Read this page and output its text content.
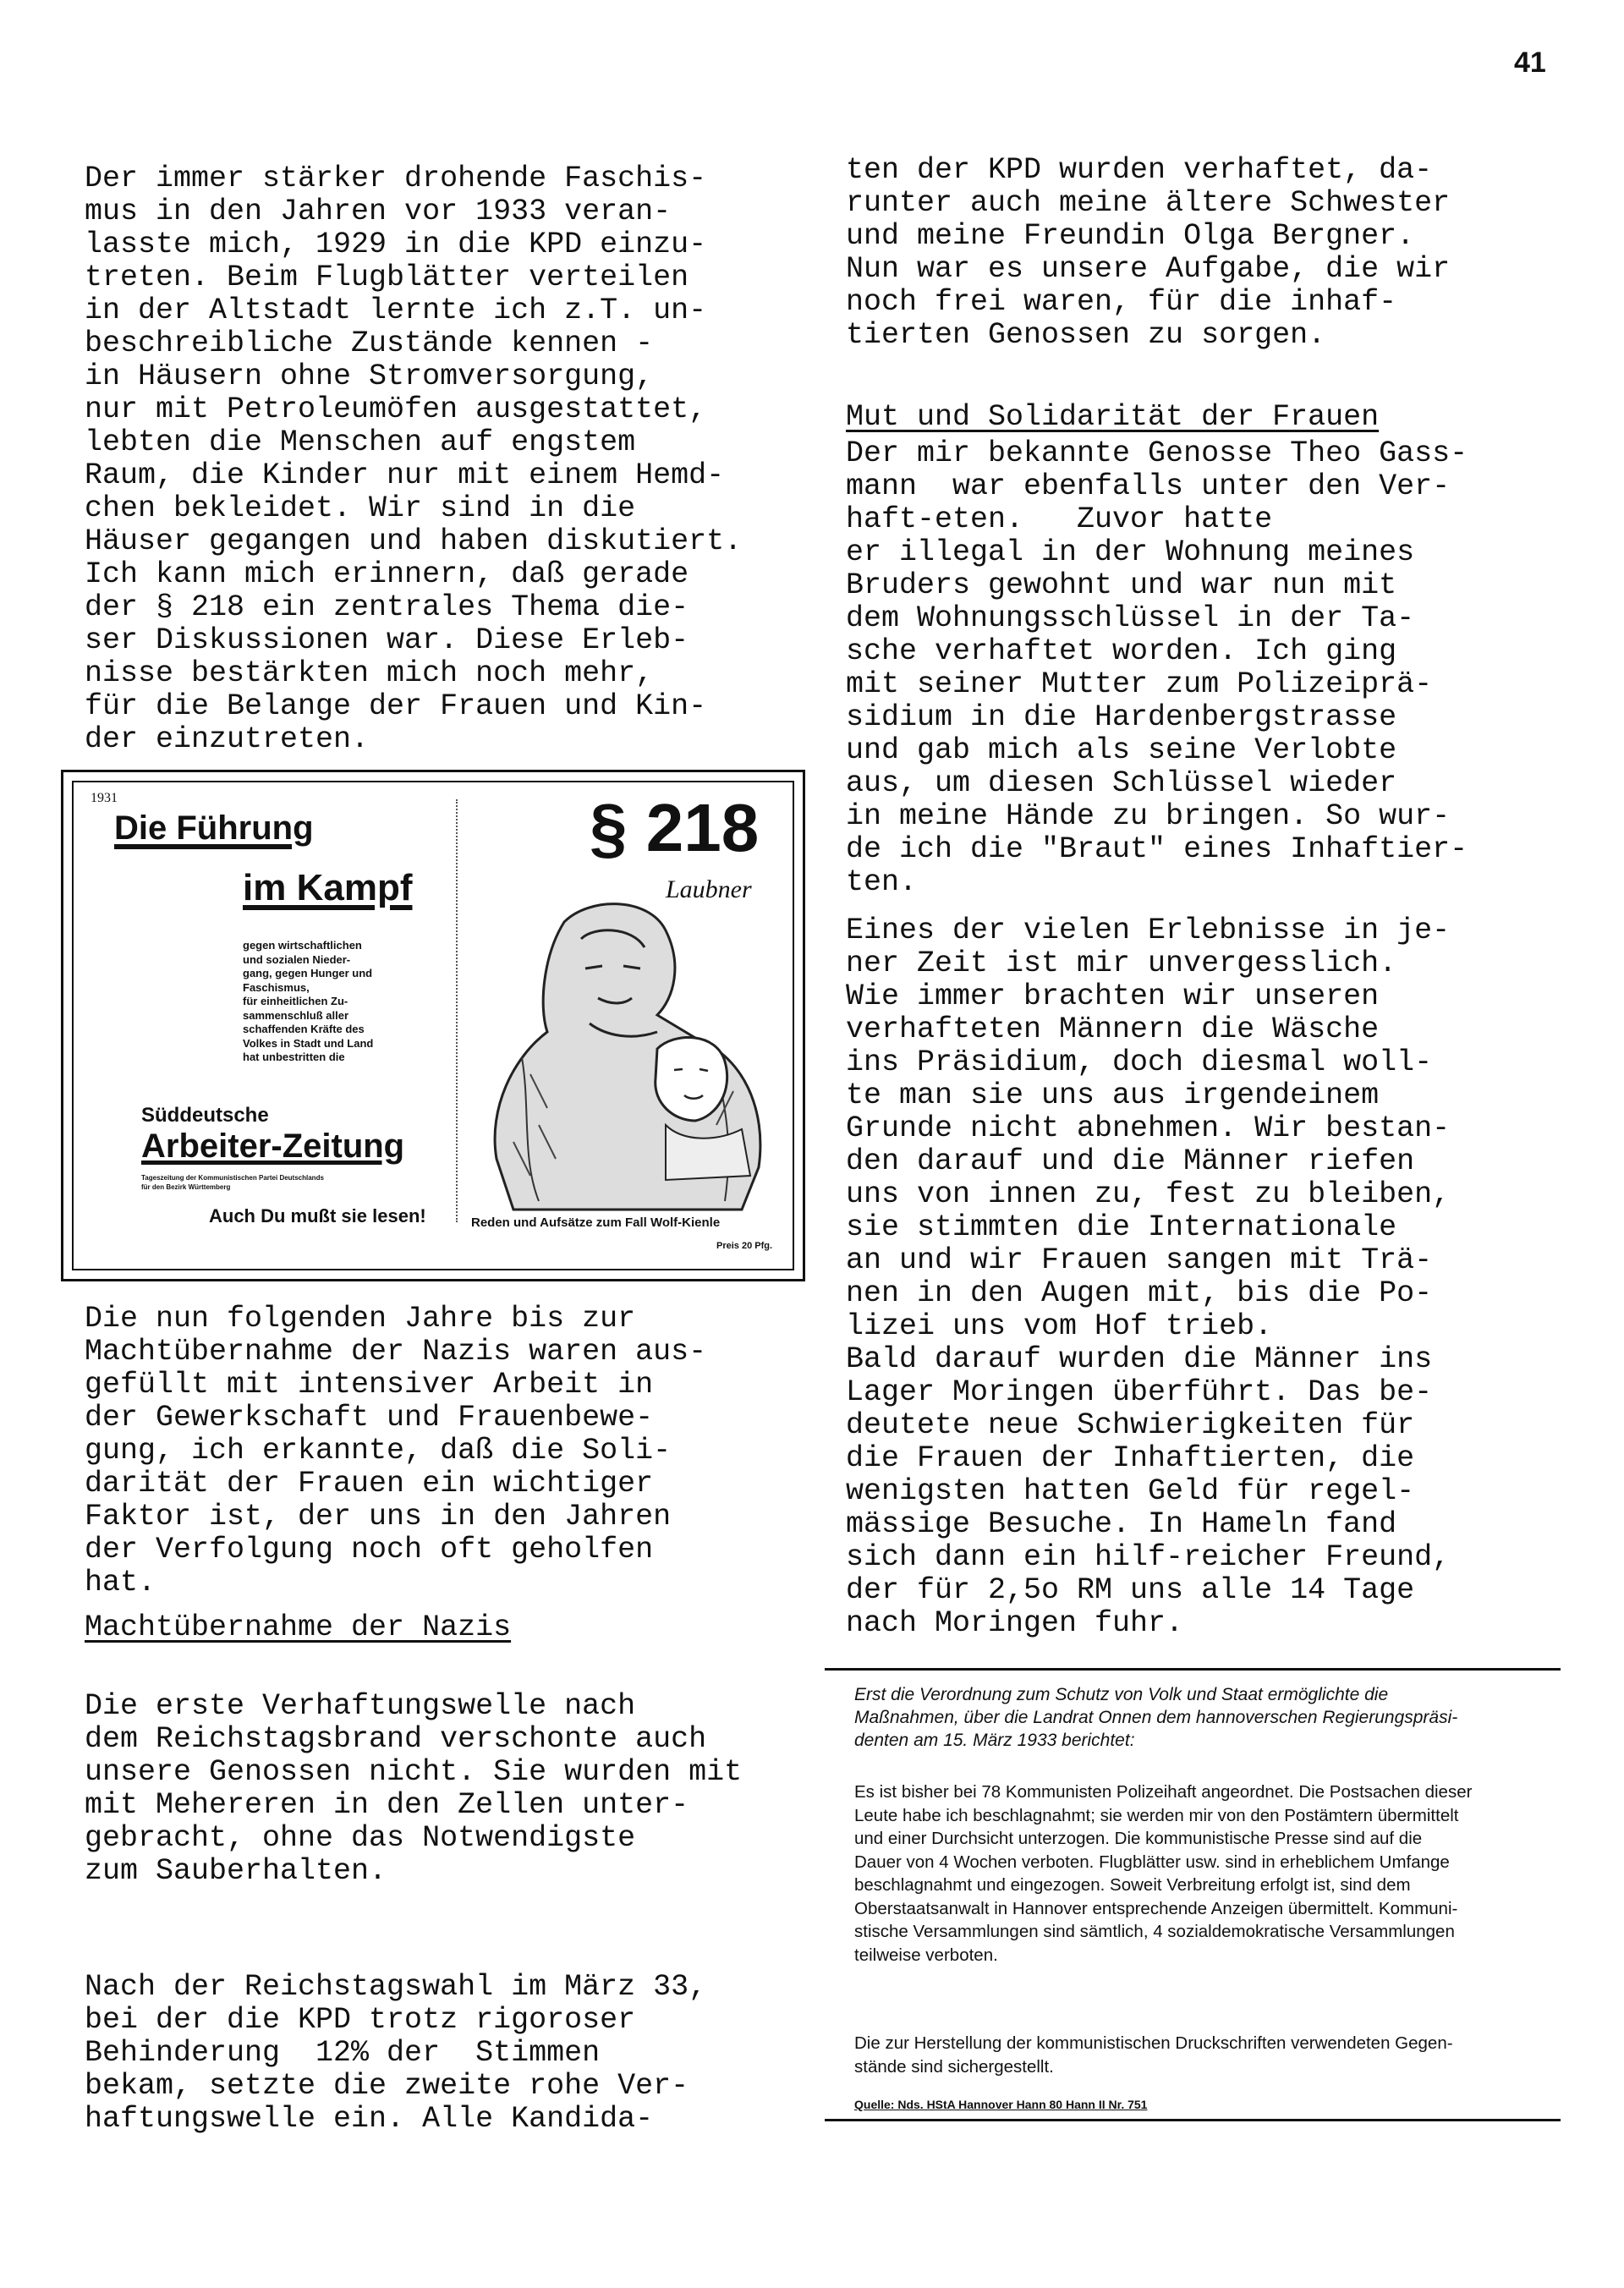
41

Der immer stärker drohende Faschis-
mus in den Jahren vor 1933 veran-
lasste mich, 1929 in die KPD einzu-
treten. Beim Flugblätter verteilen
in der Altstadt lernte ich z.T. un-
beschreibliche Zustände kennen -
in Häusern ohne Stromversorgung,
nur mit Petroleumöfen ausgestattet,
lebten die Menschen auf engstem
Raum, die Kinder nur mit einem Hemd-
chen bekleidet. Wir sind in die
Häuser gegangen und haben diskutiert.
Ich kann mich erinnern, daß gerade
der § 218 ein zentrales Thema die-
ser Diskussionen war. Diese Erleb-
nisse bestärkten mich noch mehr,
für die Belange der Frauen und Kin-
der einzutreten.

1931
Die Führung
im Kampf
§ 218
Laubner
gegen wirtschaftlichen
und sozialen Nieder-
gang, gegen Hunger und
Faschismus,
für einheitlichen Zu-
sammenschluß aller
schaffenden Kräfte des
Volkes in Stadt und Land
hat unbestritten die
Süddeutsche
Arbeiter-Zeitung
Tageszeitung der Kommunistischen Partei Deutschlands
für den Bezirk Württemberg
Auch Du mußt sie lesen!	Reden und Aufsätze zum Fall Wolf-Kienle
Preis 20 Pfg.

Die nun folgenden Jahre bis zur
Machtübernahme der Nazis waren aus-
gefüllt mit intensiver Arbeit in
der Gewerkschaft und Frauenbewe-
gung, ich erkannte, daß die Soli-
darität der Frauen ein wichtiger
Faktor ist, der uns in den Jahren
der Verfolgung noch oft geholfen
hat.

Machtübernahme der Nazis

Die erste Verhaftungswelle nach
dem Reichstagsbrand verschonte auch
unsere Genossen nicht. Sie wurden mit
mit Mehereren in den Zellen unter-
gebracht, ohne das Notwendigste
zum Sauberhalten.

Nach der Reichstagswahl im März 33,
bei der die KPD trotz rigoroser
Behinderung  12% der  Stimmen
bekam, setzte die zweite rohe Ver-
haftungswelle ein. Alle Kandida-

ten der KPD wurden verhaftet, da-
runter auch meine ältere Schwester
und meine Freundin Olga Bergner.
Nun war es unsere Aufgabe, die wir
noch frei waren, für die inhaf-
tierten Genossen zu sorgen.

Mut und Solidarität der Frauen

Der mir bekannte Genosse Theo Gass-
mann  war ebenfalls unter den Ver-
haft-eten.   Zuvor hatte
er illegal in der Wohnung meines
Bruders gewohnt und war nun mit
dem Wohnungsschlüssel in der Ta-
sche verhaftet worden. Ich ging
mit seiner Mutter zum Polizeiprä-
sidium in die Hardenbergstrasse
und gab mich als seine Verlobte
aus, um diesen Schlüssel wieder
in meine Hände zu bringen. So wur-
de ich die "Braut" eines Inhaftier-
ten.

Eines der vielen Erlebnisse in je-
ner Zeit ist mir unvergesslich.
Wie immer brachten wir unseren
verhafteten Männern die Wäsche
ins Präsidium, doch diesmal woll-
te man sie uns aus irgendeinem
Grunde nicht abnehmen. Wir bestan-
den darauf und die Männer riefen
uns von innen zu, fest zu bleiben,
sie stimmten die Internationale
an und wir Frauen sangen mit Trä-
nen in den Augen mit, bis die Po-
lizei uns vom Hof trieb.
Bald darauf wurden die Männer ins
Lager Moringen überführt. Das be-
deutete neue Schwierigkeiten für
die Frauen der Inhaftierten, die
wenigsten hatten Geld für regel-
mässige Besuche. In Hameln fand
sich dann ein hilf-reicher Freund,
der für 2,5o RM uns alle 14 Tage
nach Moringen fuhr.

Erst die Verordnung zum Schutz von Volk und Staat ermöglichte die
Maßnahmen, über die Landrat Onnen dem hannoverschen Regierungspräsi-
denten am 15. März 1933 berichtet:

Es ist bisher bei 78 Kommunisten Polizeihaft angeordnet. Die Postsachen dieser
Leute habe ich beschlagnahmt; sie werden mir von den Postämtern übermittelt
und einer Durchsicht unterzogen. Die kommunistische Presse sind auf die
Dauer von 4 Wochen verboten. Flugblätter usw. sind in erheblichem Umfange
beschlagnahmt und eingezogen. Soweit Verbreitung erfolgt ist, sind dem
Oberstaatsanwalt in Hannover entsprechende Anzeigen übermittelt. Kommuni-
stische Versammlungen sind sämtlich, 4 sozialdemokratische Versammlungen
teilweise verboten.

Die zur Herstellung der kommunistischen Druckschriften verwendeten Gegen-
stände sind sichergestellt.

Quelle: Nds. HStA Hannover Hann 80 Hann II Nr. 751
